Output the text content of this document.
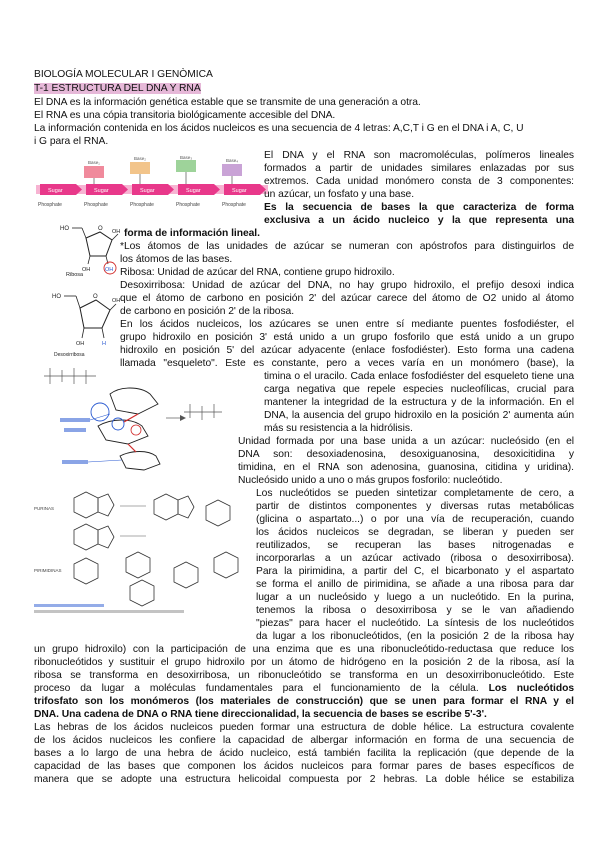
BIOLOGÍA MOLECULAR I GENÒMICA
T-1 ESTRUCTURA DEL DNA Y RNA
El DNA es la información genética estable que se transmite de una generación a otra.
El RNA es una cópia transitoria biológicamente accesible del DNA.
La información contenida en los ácidos nucleicos es una secuencia de 4 letras: A,C,T i G en el DNA i A, C, U
i G para el RNA.
Base₁
Base₂	Base₃
Base₄
Sugar	Sugar	Sugar	Sugar	Sugar
Phosphate	Phosphate	Phosphate	Phosphate	Phosphate
HO	O OH
OH	OH
Ribosa
HO	O
OH
OH	H
Desoxirribosa
PURINAS
PIRIMIDINAS
El DNA y el RNA son macromoléculas, polímeros lineales
formados a partir de unidades similares enlazadas por sus
extremos. Cada unidad monómero consta de 3 componentes:
un azúcar, un fosfato y una base.
Es la secuencia de bases la que caracteriza de forma
exclusiva a un ácido nucleico y la que representa una
forma de información lineal.
*Los átomos de las unidades de azúcar se numeran con apóstrofos para distinguirlos de
los átomos de las bases.
Ribosa: Unidad de azúcar del RNA, contiene grupo hidroxilo.
Desoxirribosa: Unidad de azúcar del DNA, no hay grupo hidroxilo, el prefijo desoxi indica
que el átomo de carbono en posición 2' del azúcar carece del átomo de O2 unido al átomo
de carbono en posición 2' de la ribosa.
En los ácidos nucleicos, los azúcares se unen entre sí mediante puentes fosfodiéster, el
grupo hidroxilo en posición 3' está unido a un grupo fosforilo que está unido a un grupo
hidroxilo en posición 5' del azúcar adyacente (enlace fosfodiéster). Esto forma una cadena
llamada "esqueleto". Este es constante, pero a veces varía en un monómero (base), la
timina o el uracilo. Cada enlace fosfodiéster del esqueleto tiene una
carga negativa que repele especies nucleofílicas, crucial para
mantener la integridad de la estructura y de la información. En el
DNA, la ausencia del grupo hidroxilo en la posición 2' aumenta aún
más su resistencia a la hidrólisis.
Unidad formada por una base unida a un azúcar: nucleósido (en el
DNA son: desoxiadenosina, desoxiguanosina, desoxicitidina y
timidina, en el RNA son adenosina, guanosina, citidina y uridina).
Nucleósido unido a uno o más grupos fosforilo: nucleótido.
Los nucleótidos se pueden sintetizar completamente de cero, a
partir de distintos componentes y diversas rutas metabólicas
(glicina o aspartato...) o por una vía de recuperación, cuando
los ácidos nucleicos se degradan, se liberan y pueden ser
reutilizados, se recuperan las bases nitrogenadas e
incorporarlas a un azúcar activado (ribosa o desoxirribosa).
Para la pirimidina, a partir del C, el bicarbonato y el aspartato
se forma el anillo de pirimidina, se añade a una ribosa para dar
lugar a un nucleósido y luego a un nucleótido. En la purina,
tenemos la ribosa o desoxirribosa y se le van añadiendo
"piezas" para hacer el nucleótido. La síntesis de los nucleótidos
da lugar a los ribonucleótidos, (en la posición 2 de la ribosa hay
un grupo hidroxilo) con la participación de una enzima que es una ribonucleótido-reductasa que reduce los
ribonucleótidos y sustituir el grupo hidroxilo por un átomo de hidrógeno en la posición 2 de la ribosa, así la
ribosa se transforma en desoxirribosa, un ribonucleótido se transforma en un desoxirribonucleótido. Este
proceso da lugar a moléculas fundamentales para el funcionamiento de la célula. Los nucleótidos
trifosfato son los monómeros (los materiales de construcción) que se unen para formar el RNA y el
DNA. Una cadena de DNA o RNA tiene direccionalidad, la secuencia de bases se escribe 5'-3'.
Las hebras de los ácidos nucleicos pueden formar una estructura de doble hélice. La estructura covalente
de los ácidos nucleicos les confiere la capacidad de albergar información en forma de una secuencia de
bases a lo largo de una hebra de ácido nucleico, está también facilita la replicación (que depende de la
capacidad de las bases que componen los ácidos nucleicos para formar pares de bases específicos de
manera que se adopte una estructura helicoidal compuesta por 2 hebras. La doble hélice se estabiliza
